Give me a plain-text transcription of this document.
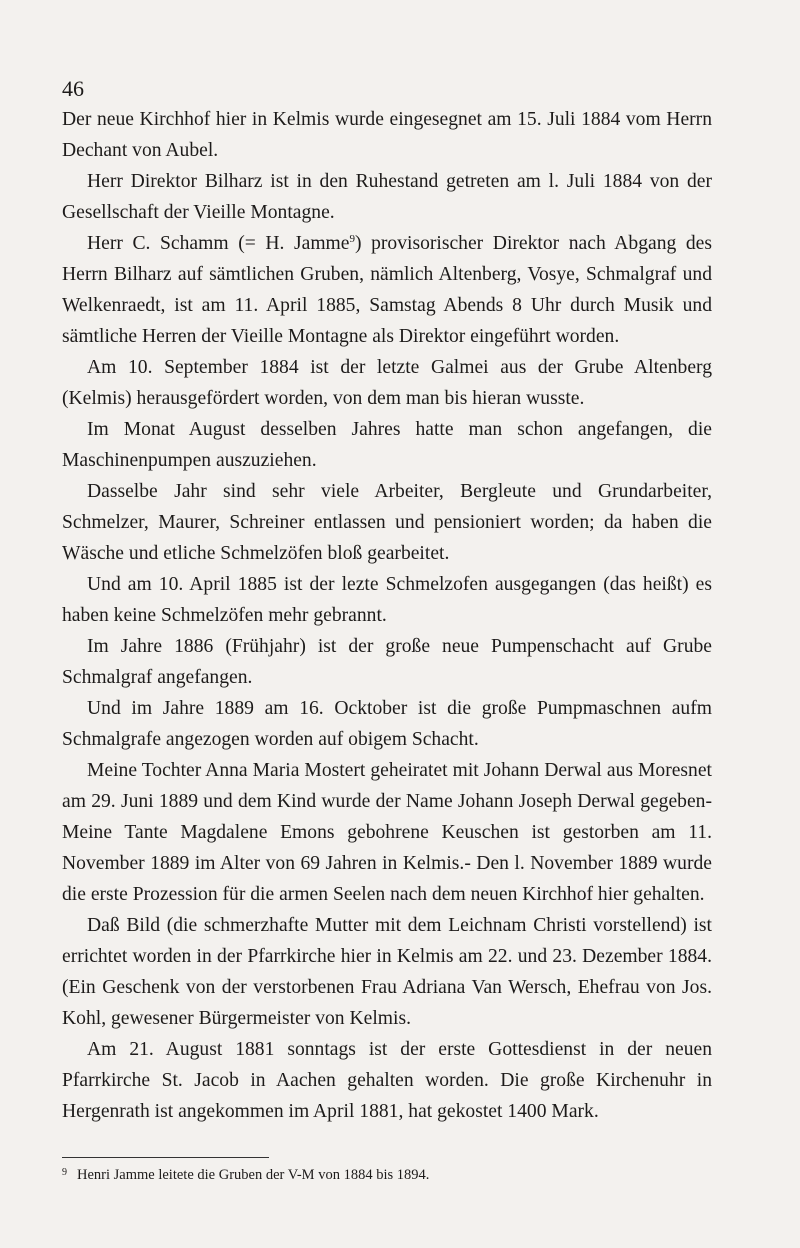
46

Der neue Kirchhof hier in Kelmis wurde eingesegnet am 15. Juli 1884 vom Herrn Dechant von Aubel.

Herr Direktor Bilharz ist in den Ruhestand getreten am l. Juli 1884 von der Gesellschaft der Vieille Montagne.

Herr C. Schamm (= H. Jamme$^9$) provisorischer Direktor nach Abgang des Herrn Bilharz auf sämtlichen Gruben, nämlich Altenberg, Vosye, Schmalgraf und Welkenraedt, ist am 11. April 1885, Samstag Abends 8 Uhr durch Musik und sämtliche Herren der Vieille Montagne als Direktor eingeführt worden.

Am 10. September 1884 ist der letzte Galmei aus der Grube Altenberg (Kelmis) herausgefördert worden, von dem man bis hieran wusste.

Im Monat August desselben Jahres hatte man schon angefangen, die Maschinenpumpen auszuziehen.

Dasselbe Jahr sind sehr viele Arbeiter, Bergleute und Grundarbeiter, Schmelzer, Maurer, Schreiner entlassen und pensioniert worden; da haben die Wäsche und etliche Schmelzöfen bloß gearbeitet.

Und am 10. April 1885 ist der lezte Schmelzofen ausgegangen (das heißt) es haben keine Schmelzöfen mehr gebrannt.

Im Jahre 1886 (Frühjahr) ist der große neue Pumpenschacht auf Grube Schmalgraf angefangen.

Und im Jahre 1889 am 16. Ocktober ist die große Pumpmaschnen aufm Schmalgrafe angezogen worden auf obigem Schacht.

Meine Tochter Anna Maria Mostert geheiratet mit Johann Derwal aus Moresnet am 29. Juni 1889 und dem Kind wurde der Name Johann Joseph Derwal gegeben- Meine Tante Magdalene Emons gebohrene Keuschen ist gestorben am 11. November 1889 im Alter von 69 Jahren in Kelmis.- Den l. November 1889 wurde die erste Prozession für die armen Seelen nach dem neuen Kirchhof hier gehalten.

Daß Bild (die schmerzhafte Mutter mit dem Leichnam Christi vorstellend) ist errichtet worden in der Pfarrkirche hier in Kelmis am 22. und 23. Dezember 1884. (Ein Geschenk von der verstorbenen Frau Adriana Van Wersch, Ehefrau von Jos. Kohl, gewesener Bürgermeister von Kelmis.

Am 21. August 1881 sonntags ist der erste Gottesdienst in der neuen Pfarrkirche St. Jacob in Aachen gehalten worden. Die große Kirchenuhr in Hergenrath ist angekommen im April 1881, hat gekostet 1400 Mark.

$^9$ Henri Jamme leitete die Gruben der V-M von 1884 bis 1894.
